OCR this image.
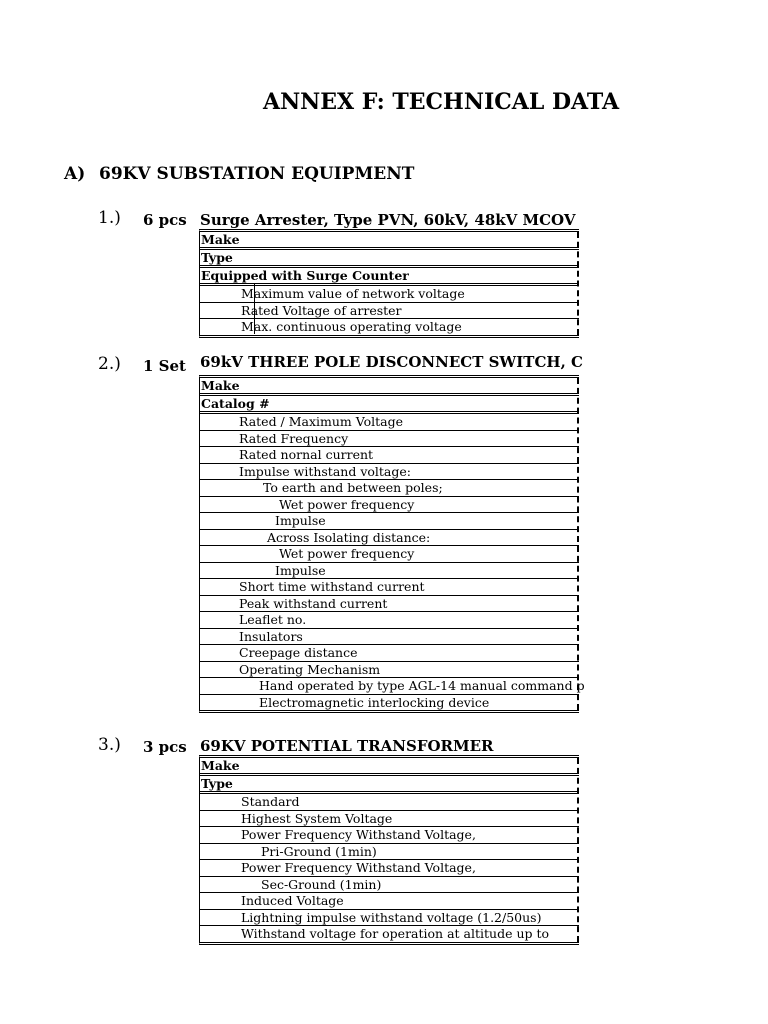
ANNEX F: TECHNICAL DATA
A) 69KV SUBSTATION EQUIPMENT
1.) 6 pcs Surge Arrester, Type PVN, 60kV, 48kV MCOV
Make
Type
Equipped with Surge Counter
Maximum value of network voltage
Rated Voltage of arrester
Max. continuous operating voltage
2.) 1 Set 69kV THREE POLE DISCONNECT SWITCH, C
Make
Catalog #
Rated / Maximum Voltage
Rated Frequency
Rated nornal current
Impulse withstand voltage:
To earth and between poles;
Wet power frequency
Impulse
Across Isolating distance:
Wet power frequency
Impulse
Short time withstand current
Peak withstand current
Leaflet no.
Insulators
Creepage distance
Operating Mechanism
Hand operated by type AGL-14 manual command p
Electromagnetic interlocking device
3.) 3 pcs 69KV POTENTIAL TRANSFORMER
Make
Type
Standard
Highest System Voltage
Power Frequency Withstand Voltage,
Pri-Ground (1min)
Power Frequency Withstand Voltage,
Sec-Ground (1min)
Induced Voltage
Lightning impulse withstand voltage (1.2/50us)
Withstand voltage for operation at altitude up to
